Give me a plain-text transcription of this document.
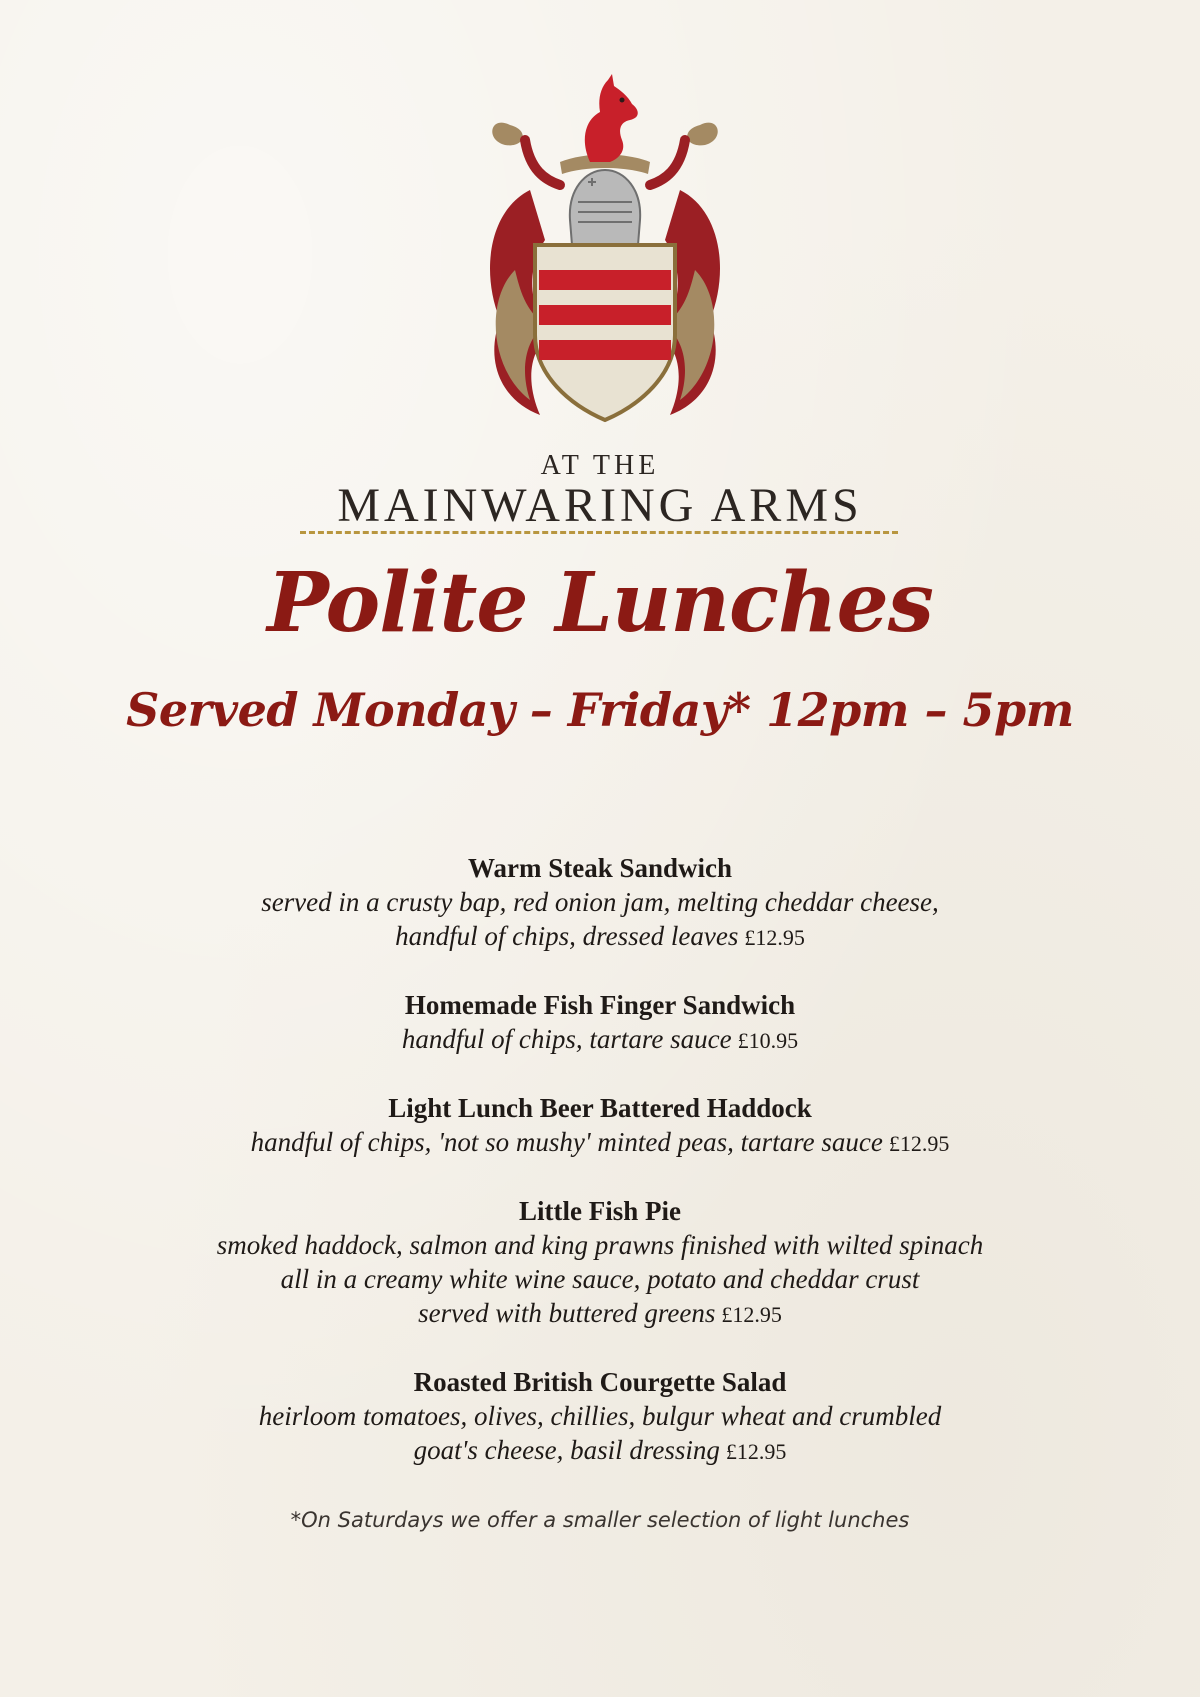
AT THE
MAINWARING ARMS
Polite Lunches
Served Monday – Friday* 12pm – 5pm
Warm Steak Sandwich
served in a crusty bap, red onion jam, melting cheddar cheese,
handful of chips, dressed leaves £12.95
Homemade Fish Finger Sandwich
handful of chips, tartare sauce £10.95
Light Lunch Beer Battered Haddock
handful of chips, 'not so mushy' minted peas, tartare sauce £12.95
Little Fish Pie
smoked haddock, salmon and king prawns finished with wilted spinach
all in a creamy white wine sauce, potato and cheddar crust
served with buttered greens £12.95
Roasted British Courgette Salad
heirloom tomatoes, olives, chillies, bulgur wheat and crumbled
goat's cheese, basil dressing £12.95
*On Saturdays we offer a smaller selection of light lunches
